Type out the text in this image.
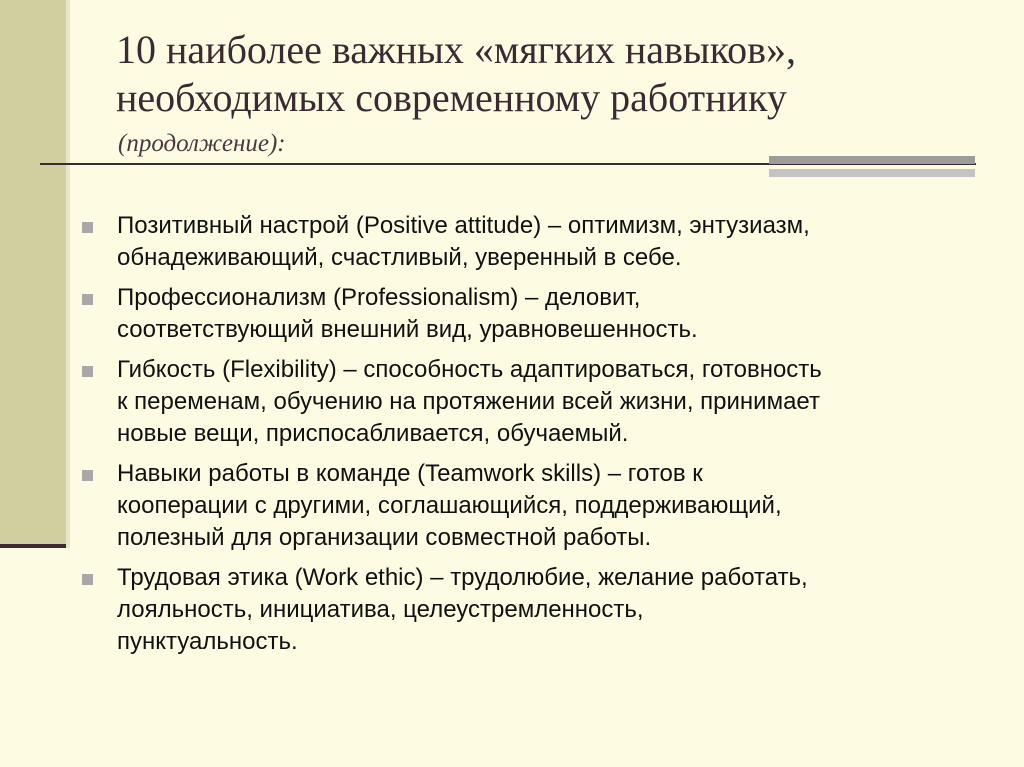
10 наиболее важных «мягких навыков»,
необходимых современному работнику
(продолжение):
Позитивный настрой (Positive attitude) – оптимизм, энтузиазм,
обнадеживающий, счастливый, уверенный в себе.
Профессионализм (Professionalism) – деловит,
соответствующий внешний вид, уравновешенность.
Гибкость (Flexibility) – способность адаптироваться, готовность
к переменам, обучению на протяжении всей жизни, принимает
новые вещи, приспосабливается, обучаемый.
Навыки работы в команде (Teamwork skills) – готов к
кооперации с другими, соглашающийся, поддерживающий,
полезный для организации совместной работы.
Трудовая этика (Work ethic) – трудолюбие, желание работать,
лояльность, инициатива, целеустремленность,
пунктуальность.
